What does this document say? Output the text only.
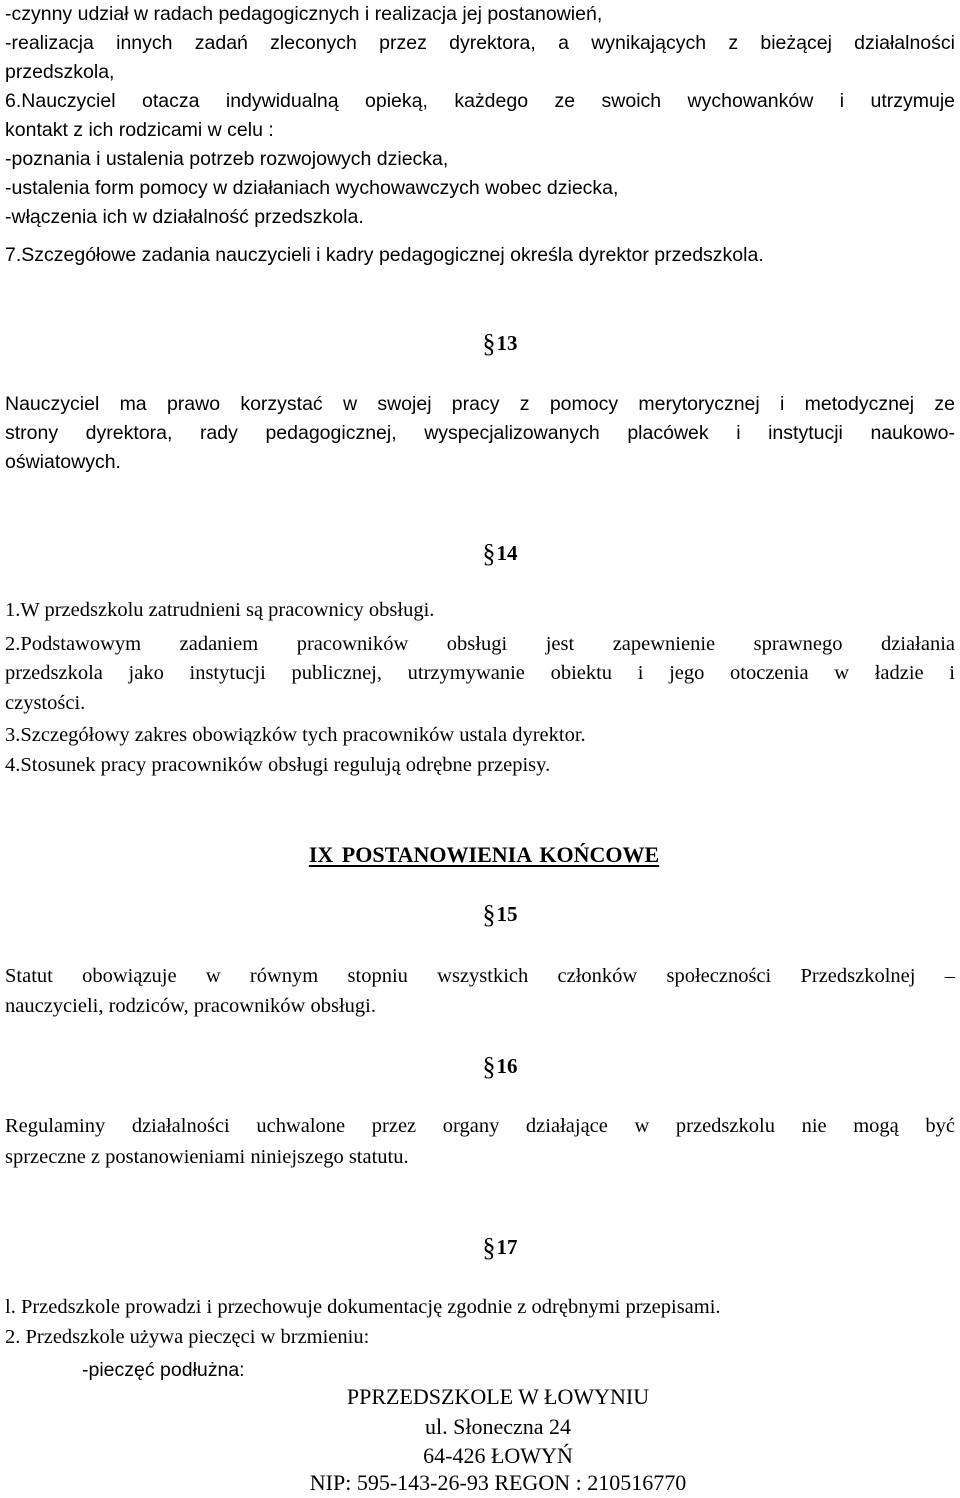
-czynny udział w radach pedagogicznych i realizacja jej postanowień,
-realizacja innych zadań zleconych przez dyrektora, a wynikających z bieżącej działalności
przedszkola,
6.Nauczyciel otacza indywidualną opieką, każdego ze swoich wychowanków i utrzymuje
kontakt z ich rodzicami w celu :
-poznania i ustalenia potrzeb rozwojowych dziecka,
-ustalenia form pomocy w działaniach wychowawczych wobec dziecka,
-włączenia ich w działalność przedszkola.
7.Szczegółowe zadania nauczycieli i kadry pedagogicznej określa dyrektor przedszkola.
§13
Nauczyciel ma prawo korzystać w swojej pracy z pomocy merytorycznej i metodycznej ze
strony dyrektora, rady pedagogicznej, wyspecjalizowanych placówek i instytucji naukowo-
oświatowych.
§14
1.W przedszkolu zatrudnieni są pracownicy obsługi.
2.Podstawowym zadaniem pracowników obsługi jest zapewnienie sprawnego działania
przedszkola jako instytucji publicznej, utrzymywanie obiektu i jego otoczenia w ładzie i
czystości.
3.Szczegółowy zakres obowiązków tych pracowników ustala dyrektor.
4.Stosunek pracy pracowników obsługi regulują odrębne przepisy.
IX POSTANOWIENIA KOŃCOWE
§15
Statut obowiązuje w równym stopniu wszystkich członków społeczności Przedszkolnej –
nauczycieli, rodziców, pracowników obsługi.
§16
Regulaminy działalności uchwalone przez organy działające w przedszkolu nie mogą być
sprzeczne z postanowieniami niniejszego statutu.
§17
l. Przedszkole prowadzi i przechowuje dokumentację zgodnie z odrębnymi przepisami.
2. Przedszkole używa pieczęci w brzmieniu:
-pieczęć podłużna:
PPRZEDSZKOLE W ŁOWYNIU
ul. Słoneczna 24
64-426 ŁOWYŃ
NIP: 595-143-26-93 REGON : 210516770
